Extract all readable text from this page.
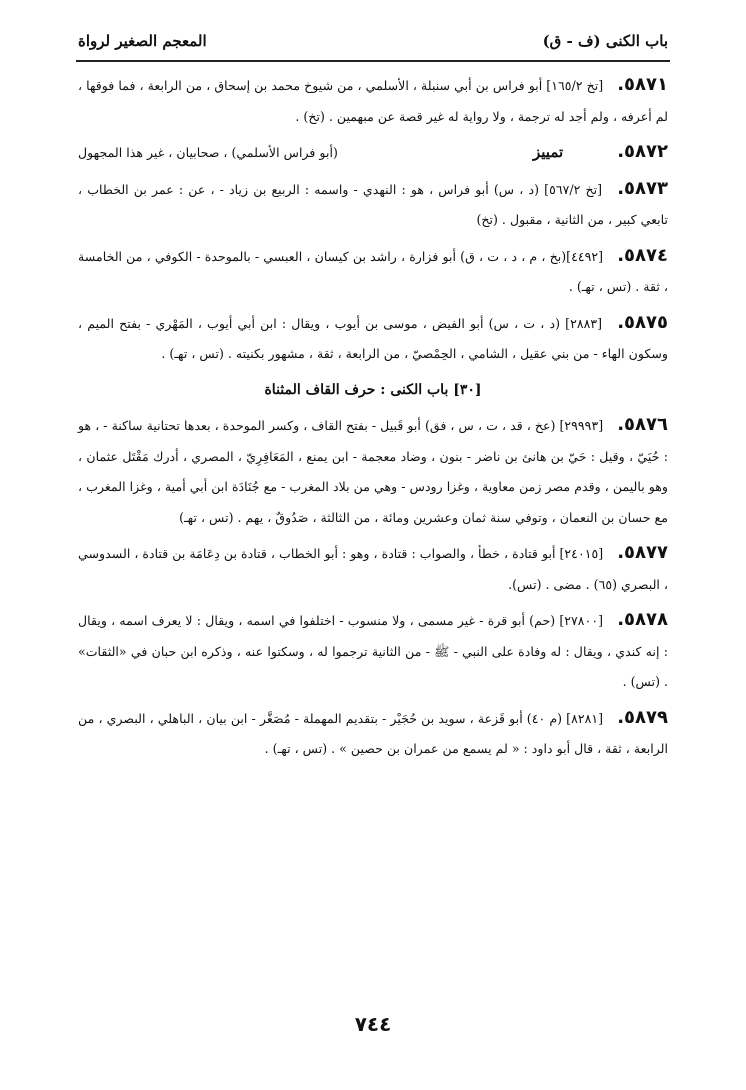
باب الكنى (ف - ق)
المعجم الصغير لرواة

٥٨٧١. [تخ ١٦٥/٢] أبو فراس بن أبي سنبلة ، الأسلمي ، من شيوخ محمد بن إسحاق ، من الرابعة ، فما فوقها ، لم أعرفه ، ولم أجد له ترجمة ، ولا رواية له غير قصة عن مبهمين . (تخ) .

٥٨٧٢. تمييز
(أبو فراس الأسلمي) ، صحابيان ، غير هذا المجهول

٥٨٧٣. [تخ ٥٦٧/٢] (د ، س) أبو فراس ، هو : النهدي - واسمه : الربيع بن زياد - ، عن : عمر بن الخطاب ، تابعي كبير ، من الثانية ، مقبول . (تخ)

٥٨٧٤. [٤٤٩٢](بخ ، م ، د ، ت ، ق) أبو فزارة ، راشد بن كيسان ، العبسي - بالموحدة - الكوفي ، من الخامسة ، ثقة . (تس ، تهـ) .

٥٨٧٥. [٢٨٨٣] (د ، ت ، س) أبو الفيض ، موسى بن أيوب ، ويقال : ابن أبي أيوب ، المَهْري - بفتح الميم ، وسكون الهاء - من بني عقيل ، الشامي ، الحِمْصيّ ، من الرابعة ، ثقة ، مشهور بكنيته . (تس ، تهـ) .

[٣٠] باب الكنى : حرف القاف المثناة

٥٨٧٦. [٢٩٩٩٣] (عخ ، قد ، ت ، س ، فق) أبو قَبيل - بفتح القاف ، وكسر الموحدة ، بعدها تحتانية ساكنة - ، هو : حُيَيّ ، وقيل : حَيّ بن هانئ بن ناضر - بنون ، وضاد معجمة - ابن يمنع ، المَعَافِرِيّ ، المصري ، أدرك مَقْتَل عثمان ، وهو باليمن ، وقدم مصر زمن معاوية ، وغزا رودس - وهي من بلاد المغرب - مع جُنَادَة ابن أبي أمية ، وغزا المغرب ، مع حسان بن النعمان ، وتوفي سنة ثمان وعشرين ومائة ، من الثالثة ، صَدُوقٌ ، يهم . (تس ، تهـ)

٥٨٧٧. [٢٤٠١٥] أبو قتادة ، خطأ ، والصواب : قتادة ، وهو : أبو الخطاب ، قتادة بن دِعَامَة بن قتادة ، السدوسي ، البصري (٦٥) . مضى . (تس).

٥٨٧٨. [٢٧٨٠٠] (حم) أبو قرة - غير مسمى ، ولا منسوب - اختلفوا في اسمه ، ويقال : لا يعرف اسمه ، ويقال : إنه كندي ، ويقال : له وفادة على النبي - ﷺ - من الثانية ترجموا له ، وسكتوا عنه ، وذكره ابن حبان في «الثقات» . (تس) .

٥٨٧٩. [٨٢٨١] (م ٤٠) أبو قَزعة ، سويد بن حُجَيْر - بتقديم المهملة - مُصَغَّر - ابن بيان ، الباهلي ، البصري ، من الرابعة ، ثقة ، قال أبو داود : « لم يسمع من عمران بن حصين » . (تس ، تهـ) .

٧٤٤
